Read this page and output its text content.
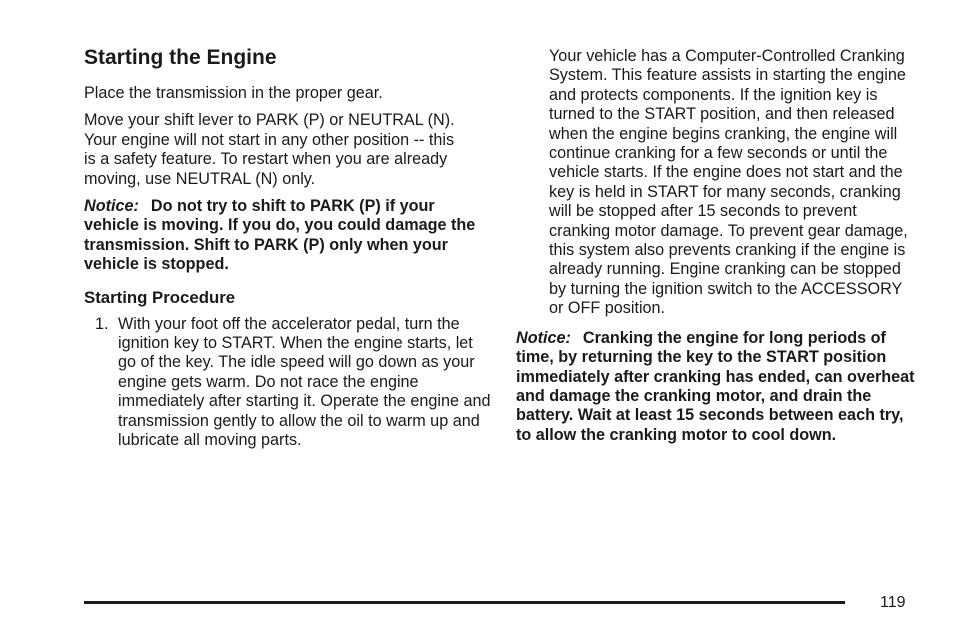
Starting the Engine

Place the transmission in the proper gear.

Move your shift lever to PARK (P) or NEUTRAL (N). Your engine will not start in any other position -- this is a safety feature. To restart when you are already moving, use NEUTRAL (N) only.

Notice: Do not try to shift to PARK (P) if your vehicle is moving. If you do, you could damage the transmission. Shift to PARK (P) only when your vehicle is stopped.

Starting Procedure
1. With your foot off the accelerator pedal, turn the ignition key to START. When the engine starts, let go of the key. The idle speed will go down as your engine gets warm. Do not race the engine immediately after starting it. Operate the engine and transmission gently to allow the oil to warm up and lubricate all moving parts.

Your vehicle has a Computer-Controlled Cranking System. This feature assists in starting the engine and protects components. If the ignition key is turned to the START position, and then released when the engine begins cranking, the engine will continue cranking for a few seconds or until the vehicle starts. If the engine does not start and the key is held in START for many seconds, cranking will be stopped after 15 seconds to prevent cranking motor damage. To prevent gear damage, this system also prevents cranking if the engine is already running. Engine cranking can be stopped by turning the ignition switch to the ACCESSORY or OFF position.

Notice: Cranking the engine for long periods of time, by returning the key to the START position immediately after cranking has ended, can overheat and damage the cranking motor, and drain the battery. Wait at least 15 seconds between each try, to allow the cranking motor to cool down.

119
